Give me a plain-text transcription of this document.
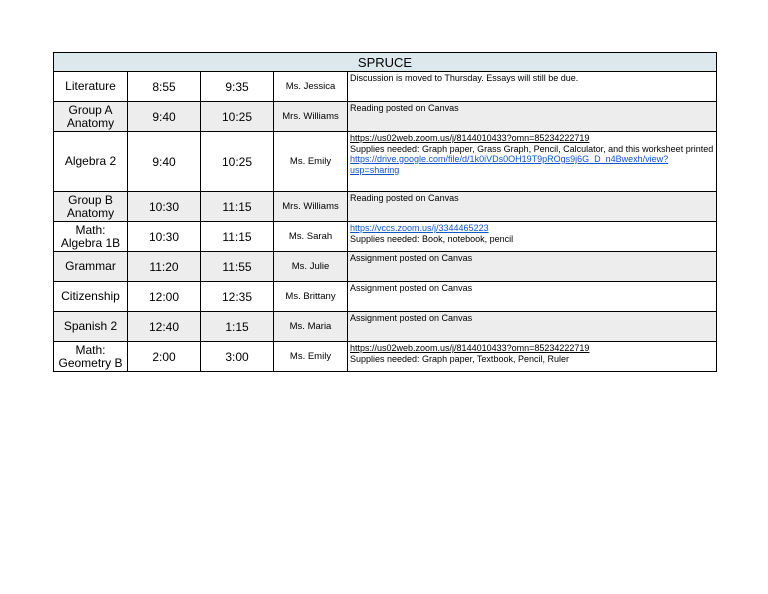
SPRUCE				
Literature	8:55	9:35	Ms. Jessica	Discussion is moved to Thursday. Essays will still be due.

Group A Anatomy	9:40	10:25	Mrs. Williams	Reading posted on Canvas

Algebra 2	9:40	10:25	Ms. Emily	https://us02web.zoom.us/j/8144010433?omn=85234222719
Supplies needed: Graph paper, Grass Graph, Pencil, Calculator, and this worksheet printed
https://drive.google.com/file/d/1k0iVDs0OH19T9pROgs9j6G_D_n4Bwexh/view?usp=sharing

Group B Anatomy	10:30	11:15	Mrs. Williams	Reading posted on Canvas

Math: Algebra 1B	10:30	11:15	Ms. Sarah	https://vccs.zoom.us/j/3344465223
Supplies needed: Book, notebook, pencil

Grammar	11:20	11:55	Ms. Julie	Assignment posted on Canvas

Citizenship	12:00	12:35	Ms. Brittany	Assignment posted on Canvas

Spanish 2	12:40	1:15	Ms. Maria	Assignment posted on Canvas

Math: Geometry B	2:00	3:00	Ms. Emily	https://us02web.zoom.us/j/8144010433?omn=85234222719
Supplies needed: Graph paper, Textbook, Pencil, Ruler
